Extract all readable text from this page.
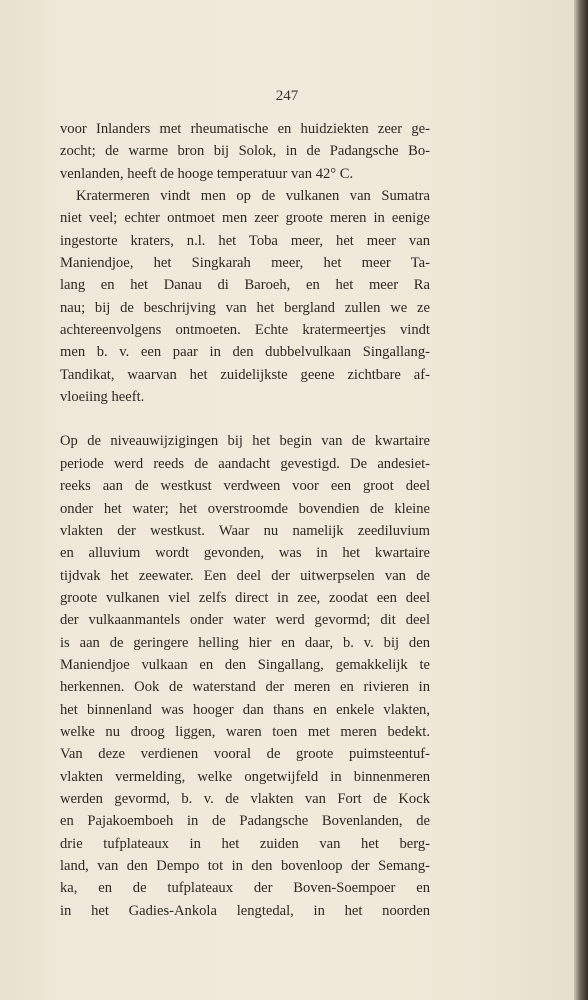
247
voor Inlanders met rheumatische en huidziekten zeer ge-
zocht; de warme bron bij Solok, in de Padangsche Bo-
venlanden, heeft de hooge temperatuur van 42° C.
Kratermeren vindt men op de vulkanen van Sumatra
niet veel; echter ontmoet men zeer groote meren in eenige
ingestorte kraters, n.l. het Toba meer, het meer van
Maniendjoe, het Singkarah meer, het meer Ta-
lang en het Danau di Baroeh, en het meer Ra
nau; bij de beschrijving van het bergland zullen we ze
achtereenvolgens ontmoeten. Echte kratermeertjes vindt
men b. v. een paar in den dubbelvulkaan Singallang-
Tandikat, waarvan het zuidelijkste geene zichtbare af-
vloeiing heeft.
Op de niveauwijzigingen bij het begin van de kwartaire
periode werd reeds de aandacht gevestigd. De andesiet-
reeks aan de westkust verdween voor een groot deel
onder het water; het overstroomde bovendien de kleine
vlakten der westkust. Waar nu namelijk zeediluvium
en alluvium wordt gevonden, was in het kwartaire
tijdvak het zeewater. Een deel der uitwerpselen van de
groote vulkanen viel zelfs direct in zee, zoodat een deel
der vulkaanmantels onder water werd gevormd; dit deel
is aan de geringere helling hier en daar, b. v. bij den
Maniendjoe vulkaan en den Singallang, gemakkelijk te
herkennen. Ook de waterstand der meren en rivieren in
het binnenland was hooger dan thans en enkele vlakten,
welke nu droog liggen, waren toen met meren bedekt.
Van deze verdienen vooral de groote puimsteentuf-
vlakten vermelding, welke ongetwijfeld in binnenmeren
werden gevormd, b. v. de vlakten van Fort de Kock
en Pajakoemboeh in de Padangsche Bovenlanden, de
drie tufplateaux in het zuiden van het berg-
land, van den Dempo tot in den bovenloop der Semang-
ka, en de tufplateaux der Boven-Soempoer en
in het Gadies-Ankola lengtedal, in het noorden
